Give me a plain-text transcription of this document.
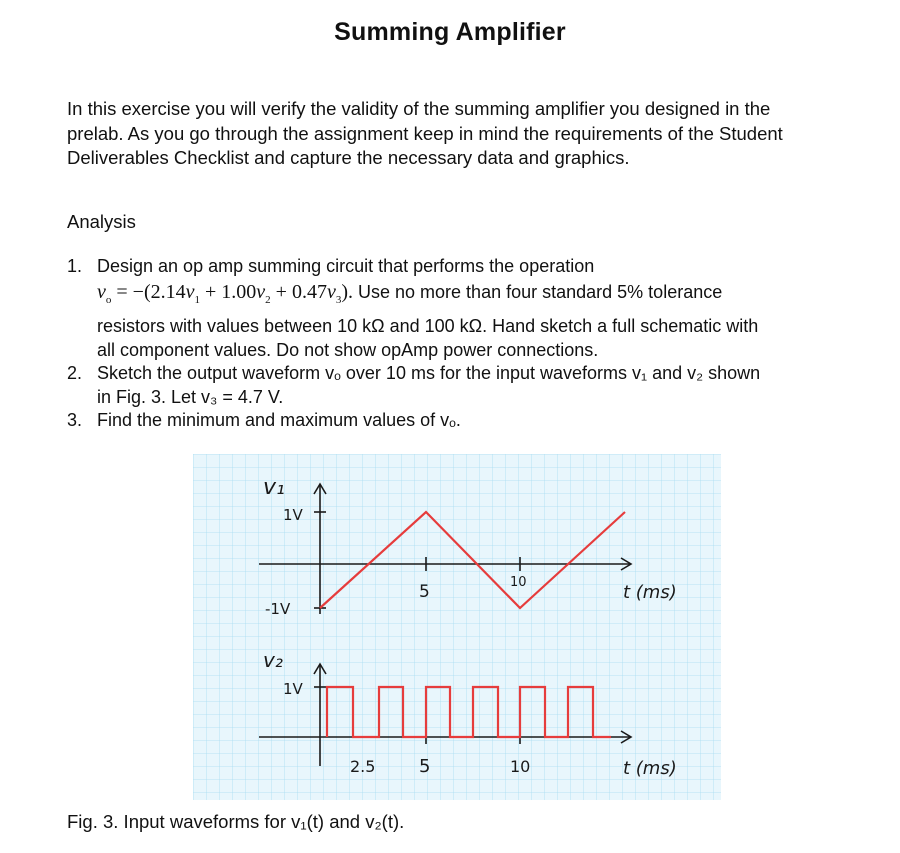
Summing Amplifier
In this exercise you will verify the validity of the summing amplifier you designed in the
prelab. As you go through the assignment keep in mind the requirements of the Student
Deliverables Checklist and capture the necessary data and graphics.
Analysis
1. Design an op amp summing circuit that performs the operation
$v_o = -(2.14v_1 + 1.00v_2 + 0.47v_3)$. Use no more than four standard 5% tolerance
resistors with values between 10 kΩ and 100 kΩ. Hand sketch a full schematic with
all component values. Do not show opAmp power connections.
2. Sketch the output waveform vₒ over 10 ms for the input waveforms v₁ and v₂ shown
in Fig. 3. Let v₃ = 4.7 V.
3. Find the minimum and maximum values of vₒ.
v₁
1V
-1V
5	10	t (ms)
v₂
1V
2.5 5	10	t (ms)
Fig. 3. Input waveforms for v₁(t) and v₂(t).
